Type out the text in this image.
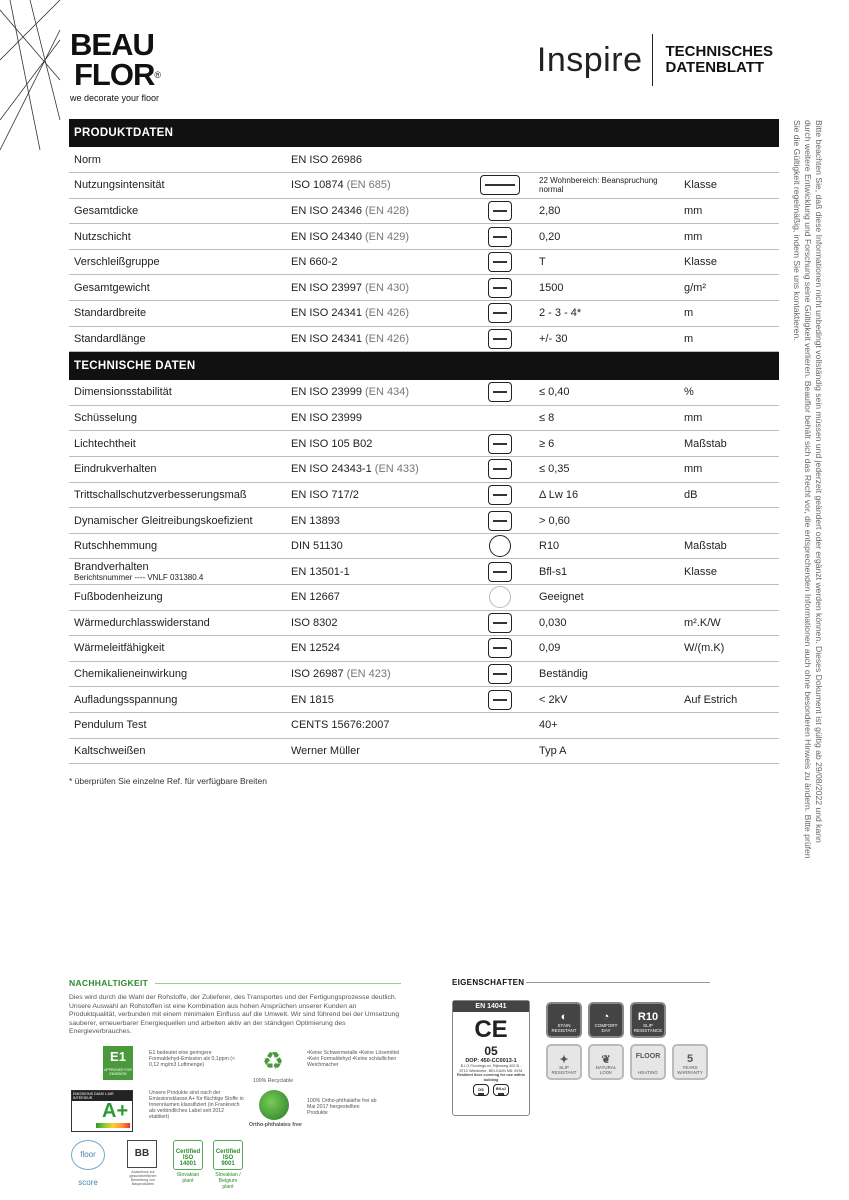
BEAU
FLOR®
we decorate your floor
Inspire	TECHNISCHES
DATENBLATT
Bitte beachten Sie, daß diese Informationen nicht unbedingt vollständig sein müssen und jederzeit geändert oder ergänzt werden können. Dieses Dokument ist gültig ab 29/08/2022 und kann durch weitere Entwicklung und Forschung seine Gültigkeit verlieren. Beauflor behält sich das Recht vor, die entsprechenden Informationen auch ohne besonderen Hinweis zu ändern. Bitte prüfen Sie die Gültigkeit regelmäßig, indem Sie uns kontaktieren.
PRODUKTDATEN				
Norm	EN ISO 26986			
Nutzungsintensität	ISO 10874 (EN 685)		22 Wohnbereich: Beanspruchung normal	Klasse
Gesamtdicke	EN ISO 24346 (EN 428)		2,80	mm
Nutzschicht	EN ISO 24340 (EN 429)		0,20	mm
Verschleißgruppe	EN 660-2		T	Klasse
Gesamtgewicht	EN ISO 23997 (EN 430)		1500	g/m²
Standardbreite	EN ISO 24341 (EN 426)		2 - 3 - 4*	m
Standardlänge	EN ISO 24341 (EN 426)		+/- 30	m
TECHNISCHE DATEN				
Dimensionsstabilität	EN ISO 23999 (EN 434)		≤ 0,40	%
Schüsselung	EN ISO 23999		≤ 8	mm
Lichtechtheit	EN ISO 105 B02		≥ 6	Maßstab
Eindrukverhalten	EN ISO 24343-1 (EN 433)		≤ 0,35	mm
Trittschallschutzverbesserungsmaß	EN ISO 717/2		Δ Lw 16	dB
Dynamischer Gleitreibungskoefizient	EN 13893		> 0,60	
Rutschhemmung	DIN 51130		R10	Maßstab
Brandverhalten
Berichtsnummer ---- VNLF 031380.4	EN 13501-1		Bfl-s1	Klasse
Fußbodenheizung	EN 12667		Geeignet	
Wärmedurchlasswiderstand	ISO 8302		0,030	m².K/W
Wärmeleitfähigkeit	EN 12524		0,09	W/(m.K)
Chemikalieneinwirkung	ISO 26987 (EN 423)		Beständig	
Aufladungsspannung	EN 1815		< 2kV	Auf Estrich
Pendulum Test	CENTS 15676:2007		40+	
Kaltschweißen	Werner Müller		Typ A	
* überprüfen Sie einzelne Ref. für verfügbare Breiten
NACHHALTIGKEIT
Dies wird durch die Wahl der Rohstoffe, der Zulieferer, des Transportes und der Fertigungsprozesse deutlich. Unsere Auswahl an Rohstoffen ist eine Kombination aus hohen Ansprüchen unserer Kunden an Produktqualität, verbunden mit einem minimalen Einfluss auf die Umwelt. Wir sind führend bei der Umsetzung sauberer, erneuerbarer Energiequellen und arbeiten aktiv an der ständigen Optimierung des Energieverbrauches.
E1
APPROVED FOR EMISSION
E1 bedeutet eine geringere Formaldehyd-Emission als 0,1ppm (< 0,12 mg/m3 Luftmenge)	♻
100% Recyclable
•Keine Schwermetalle •Keine Lösemittel •Kein Formaldehyd •Keine schädlichen Weichmacher
EMISSIONS DANS L'AIR INTÉRIEUR
A+
Unsere Produkte sind nach der Emissionsklasse A+ für flüchtige Stoffe in Innenräumen klassifiziert (in Frankreich als verbindliches Label seit 2012 etabliert)
Ortho-phthalates free
100% Ortho-phthalathe frei ab Mai 2017 hergestellten Produkte
floor score
BB
Ausschuss zur gesundheitlichen Bewertung von Bauprodukten
Certified ISO
14001
Slovakian plant
Certified ISO
9001
Slovakian / Belgium plant
EIGENSCHAFTEN
EN 14041
CE
05
DOP: 450-CC0013-1
B.I.G Floorings nv, Rijksweg 402 B - 8710 Wielsbeke, BELGIUM NB: 0934
Resilient floor covering for use within building
DS	Bfl-s1
◐
STAIN RESISTANT
◔
COMFORT DAY
R10
SLIP RESISTANCE
✦
SLIP RESISTANT
❦
NATURAL LOOK
FLOOR
HEATING
5
YEARS WARRANTY
